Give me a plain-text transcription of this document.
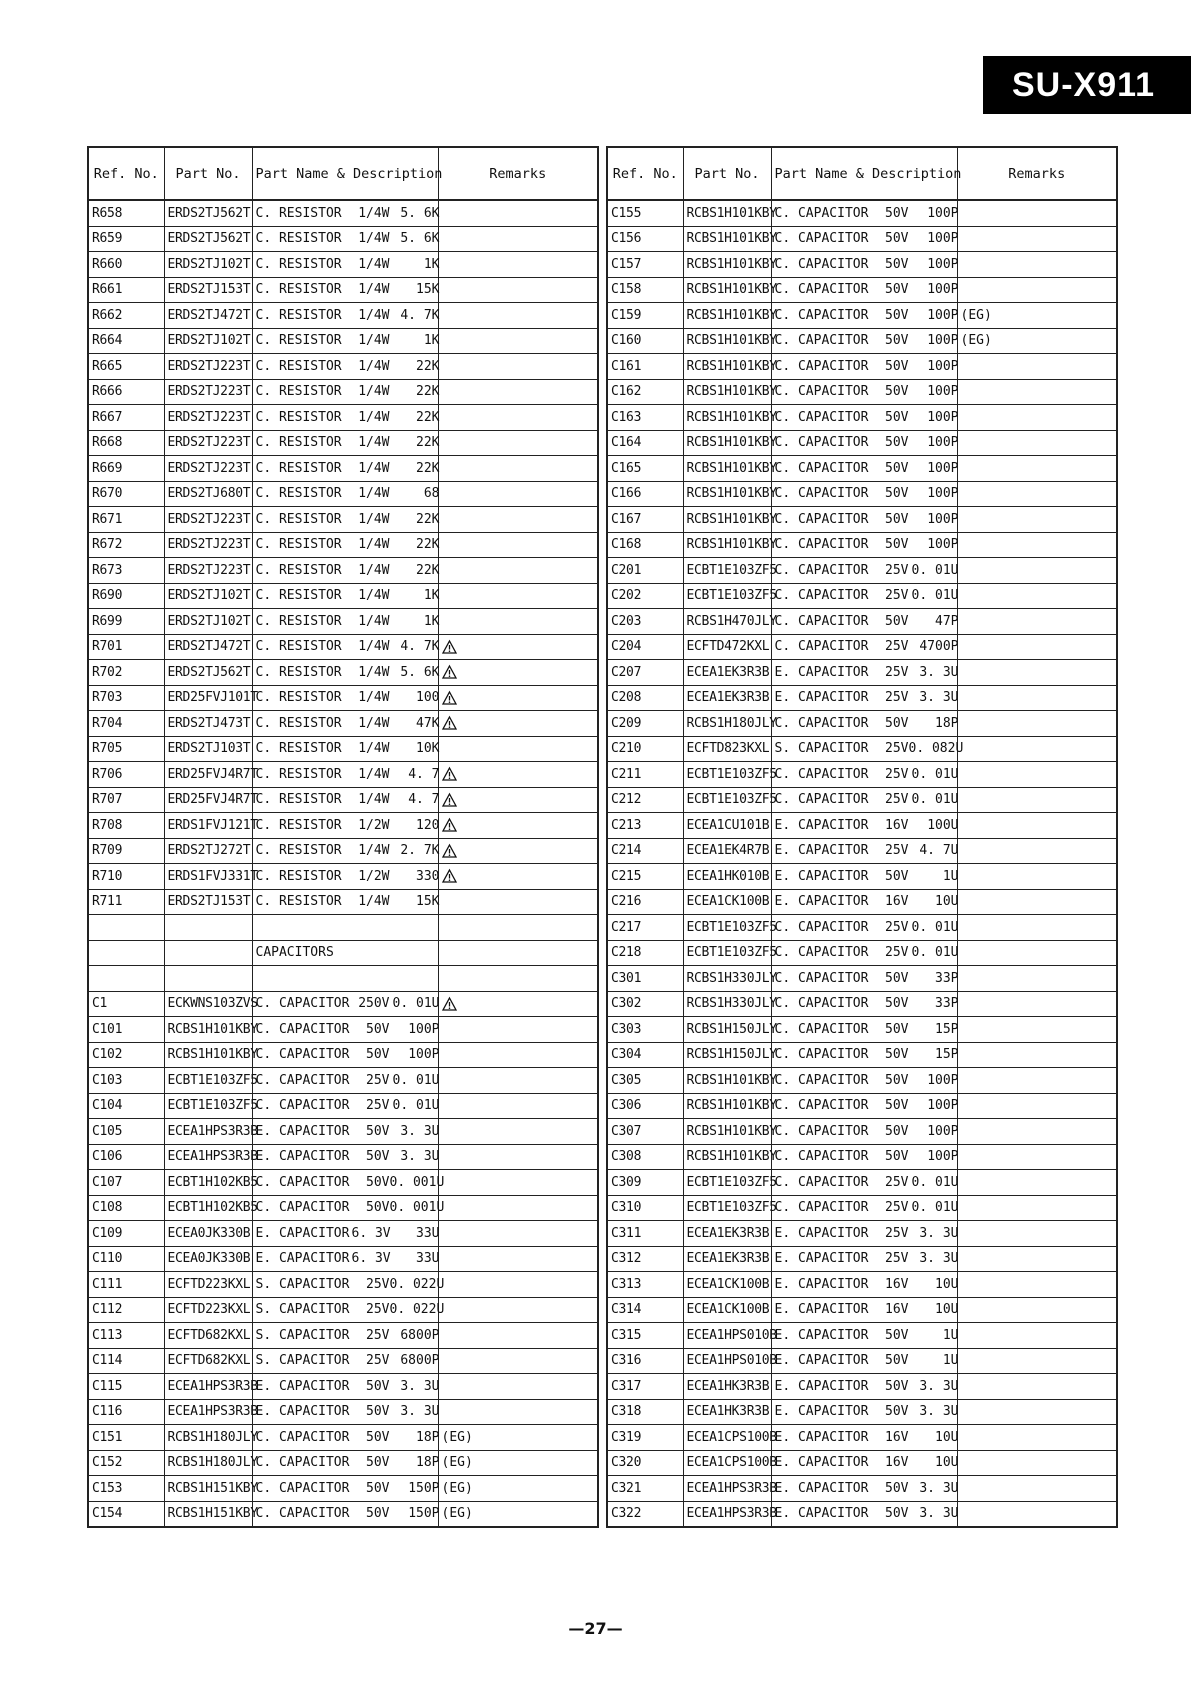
SU-X911
Ref. No.	Part No.	Part Name & Description	Remarks
R658	ERDS2TJ562T	C. RESISTOR 1/4W 5. 6K	
R659	ERDS2TJ562T	C. RESISTOR 1/4W 5. 6K	
R660	ERDS2TJ102T	C. RESISTOR 1/4W 1K	
R661	ERDS2TJ153T	C. RESISTOR 1/4W 15K	
R662	ERDS2TJ472T	C. RESISTOR 1/4W 4. 7K	
R664	ERDS2TJ102T	C. RESISTOR 1/4W 1K	
R665	ERDS2TJ223T	C. RESISTOR 1/4W 22K	
R666	ERDS2TJ223T	C. RESISTOR 1/4W 22K	
R667	ERDS2TJ223T	C. RESISTOR 1/4W 22K	
R668	ERDS2TJ223T	C. RESISTOR 1/4W 22K	
R669	ERDS2TJ223T	C. RESISTOR 1/4W 22K	
R670	ERDS2TJ680T	C. RESISTOR 1/4W 68	
R671	ERDS2TJ223T	C. RESISTOR 1/4W 22K	
R672	ERDS2TJ223T	C. RESISTOR 1/4W 22K	
R673	ERDS2TJ223T	C. RESISTOR 1/4W 22K	
R690	ERDS2TJ102T	C. RESISTOR 1/4W 1K	
R699	ERDS2TJ102T	C. RESISTOR 1/4W 1K	
R701	ERDS2TJ472T	C. RESISTOR 1/4W 4. 7K	
R702	ERDS2TJ562T	C. RESISTOR 1/4W 5. 6K	
R703	ERD25FVJ101T	C. RESISTOR 1/4W 100	
R704	ERDS2TJ473T	C. RESISTOR 1/4W 47K	
R705	ERDS2TJ103T	C. RESISTOR 1/4W 10K	
R706	ERD25FVJ4R7T	C. RESISTOR 1/4W 4. 7	
R707	ERD25FVJ4R7T	C. RESISTOR 1/4W 4. 7	
R708	ERDS1FVJ121T	C. RESISTOR 1/2W 120	
R709	ERDS2TJ272T	C. RESISTOR 1/4W 2. 7K	
R710	ERDS1FVJ331T	C. RESISTOR 1/2W 330	
R711	ERDS2TJ153T	C. RESISTOR 1/4W 15K	

		CAPACITORS	

C1	ECKWNS103ZVS	C. CAPACITOR 250V 0. 01U	
C101	RCBS1H101KBY	C. CAPACITOR 50V 100P	
C102	RCBS1H101KBY	C. CAPACITOR 50V 100P	
C103	ECBT1E103ZF5	C. CAPACITOR 25V 0. 01U	
C104	ECBT1E103ZF5	C. CAPACITOR 25V 0. 01U	
C105	ECEA1HPS3R3B	E. CAPACITOR 50V 3. 3U	
C106	ECEA1HPS3R3B	E. CAPACITOR 50V 3. 3U	
C107	ECBT1H102KB5	C. CAPACITOR 50V0. 001U	
C108	ECBT1H102KB5	C. CAPACITOR 50V0. 001U	
C109	ECEA0JK330B	E. CAPACITOR 6. 3V 33U	
C110	ECEA0JK330B	E. CAPACITOR 6. 3V 33U	
C111	ECFTD223KXL	S. CAPACITOR 25V0. 022U	
C112	ECFTD223KXL	S. CAPACITOR 25V0. 022U	
C113	ECFTD682KXL	S. CAPACITOR 25V 6800P	
C114	ECFTD682KXL	S. CAPACITOR 25V 6800P	
C115	ECEA1HPS3R3B	E. CAPACITOR 50V 3. 3U	
C116	ECEA1HPS3R3B	E. CAPACITOR 50V 3. 3U	
C151	RCBS1H180JLY	C. CAPACITOR 50V 18P	(EG)
C152	RCBS1H180JLY	C. CAPACITOR 50V 18P	(EG)
C153	RCBS1H151KBY	C. CAPACITOR 50V 150P	(EG)
C154	RCBS1H151KBY	C. CAPACITOR 50V 150P	(EG)
Ref. No.	Part No.	Part Name & Description	Remarks
C155	RCBS1H101KBY	C. CAPACITOR 50V 100P	
C156	RCBS1H101KBY	C. CAPACITOR 50V 100P	
C157	RCBS1H101KBY	C. CAPACITOR 50V 100P	
C158	RCBS1H101KBY	C. CAPACITOR 50V 100P	
C159	RCBS1H101KBY	C. CAPACITOR 50V 100P	(EG)
C160	RCBS1H101KBY	C. CAPACITOR 50V 100P	(EG)
C161	RCBS1H101KBY	C. CAPACITOR 50V 100P	
C162	RCBS1H101KBY	C. CAPACITOR 50V 100P	
C163	RCBS1H101KBY	C. CAPACITOR 50V 100P	
C164	RCBS1H101KBY	C. CAPACITOR 50V 100P	
C165	RCBS1H101KBY	C. CAPACITOR 50V 100P	
C166	RCBS1H101KBY	C. CAPACITOR 50V 100P	
C167	RCBS1H101KBY	C. CAPACITOR 50V 100P	
C168	RCBS1H101KBY	C. CAPACITOR 50V 100P	
C201	ECBT1E103ZF5	C. CAPACITOR 25V 0. 01U	
C202	ECBT1E103ZF5	C. CAPACITOR 25V 0. 01U	
C203	RCBS1H470JLY	C. CAPACITOR 50V 47P	
C204	ECFTD472KXL	C. CAPACITOR 25V 4700P	
C207	ECEA1EK3R3B	E. CAPACITOR 25V 3. 3U	
C208	ECEA1EK3R3B	E. CAPACITOR 25V 3. 3U	
C209	RCBS1H180JLY	C. CAPACITOR 50V 18P	
C210	ECFTD823KXL	S. CAPACITOR 25V0. 082U	
C211	ECBT1E103ZF5	C. CAPACITOR 25V 0. 01U	
C212	ECBT1E103ZF5	C. CAPACITOR 25V 0. 01U	
C213	ECEA1CU101B	E. CAPACITOR 16V 100U	
C214	ECEA1EK4R7B	E. CAPACITOR 25V 4. 7U	
C215	ECEA1HK010B	E. CAPACITOR 50V 1U	
C216	ECEA1CK100B	E. CAPACITOR 16V 10U	
C217	ECBT1E103ZF5	C. CAPACITOR 25V 0. 01U	
C218	ECBT1E103ZF5	C. CAPACITOR 25V 0. 01U	
C301	RCBS1H330JLY	C. CAPACITOR 50V 33P	
C302	RCBS1H330JLY	C. CAPACITOR 50V 33P	
C303	RCBS1H150JLY	C. CAPACITOR 50V 15P	
C304	RCBS1H150JLY	C. CAPACITOR 50V 15P	
C305	RCBS1H101KBY	C. CAPACITOR 50V 100P	
C306	RCBS1H101KBY	C. CAPACITOR 50V 100P	
C307	RCBS1H101KBY	C. CAPACITOR 50V 100P	
C308	RCBS1H101KBY	C. CAPACITOR 50V 100P	
C309	ECBT1E103ZF5	C. CAPACITOR 25V 0. 01U	
C310	ECBT1E103ZF5	C. CAPACITOR 25V 0. 01U	
C311	ECEA1EK3R3B	E. CAPACITOR 25V 3. 3U	
C312	ECEA1EK3R3B	E. CAPACITOR 25V 3. 3U	
C313	ECEA1CK100B	E. CAPACITOR 16V 10U	
C314	ECEA1CK100B	E. CAPACITOR 16V 10U	
C315	ECEA1HPS010B	E. CAPACITOR 50V 1U	
C316	ECEA1HPS010B	E. CAPACITOR 50V 1U	
C317	ECEA1HK3R3B	E. CAPACITOR 50V 3. 3U	
C318	ECEA1HK3R3B	E. CAPACITOR 50V 3. 3U	
C319	ECEA1CPS100B	E. CAPACITOR 16V 10U	
C320	ECEA1CPS100B	E. CAPACITOR 16V 10U	
C321	ECEA1HPS3R3B	E. CAPACITOR 50V 3. 3U	
C322	ECEA1HPS3R3B	E. CAPACITOR 50V 3. 3U	
—27—
